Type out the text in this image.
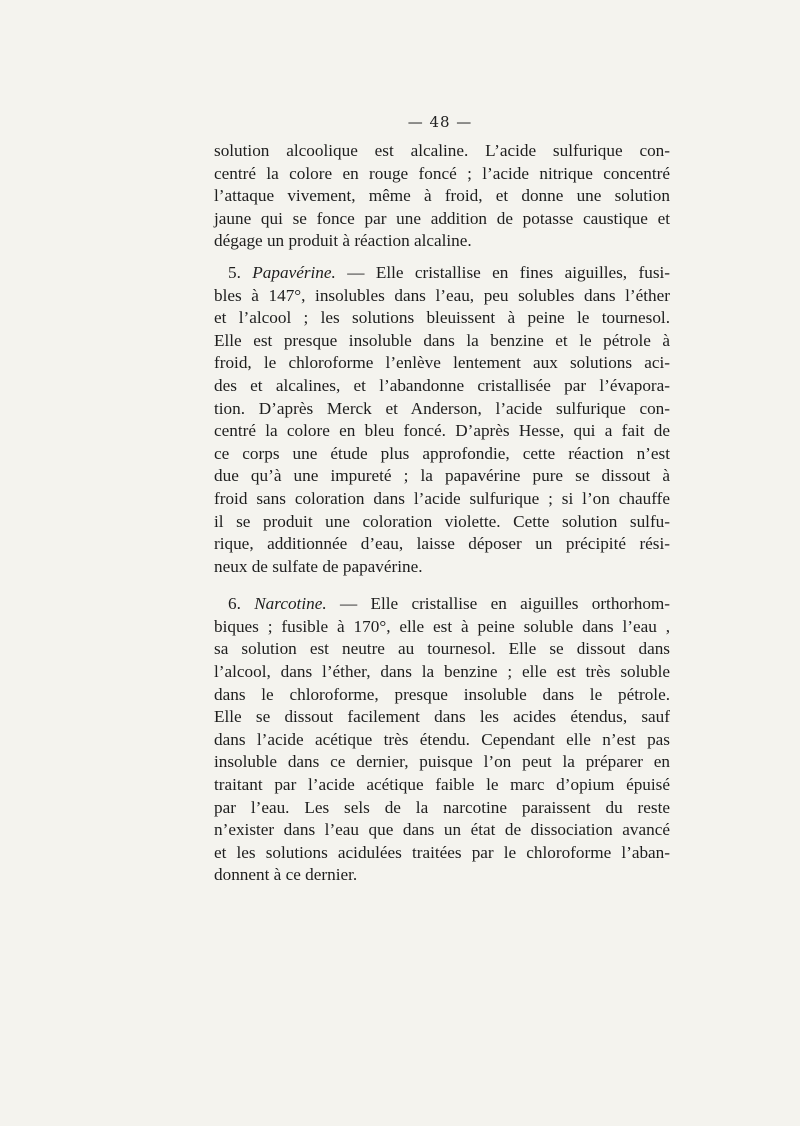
— 48 —
solution alcoolique est alcaline. L’acide sulfurique con-
centré la colore en rouge foncé ; l’acide nitrique concentré
l’attaque vivement, même à froid, et donne une solution
jaune qui se fonce par une addition de potasse caustique et
dégage un produit à réaction alcaline.
5. Papavérine. — Elle cristallise en fines aiguilles, fusi-
bles à 147°, insolubles dans l’eau, peu solubles dans l’éther
et l’alcool ; les solutions bleuissent à peine le tournesol.
Elle est presque insoluble dans la benzine et le pétrole à
froid, le chloroforme l’enlève lentement aux solutions aci-
des et alcalines, et l’abandonne cristallisée par l’évapora-
tion. D’après Merck et Anderson, l’acide sulfurique con-
centré la colore en bleu foncé. D’après Hesse, qui a fait de
ce corps une étude plus approfondie, cette réaction n’est
due qu’à une impureté ; la papavérine pure se dissout à
froid sans coloration dans l’acide sulfurique ; si l’on chauffe
il se produit une coloration violette. Cette solution sulfu-
rique, additionnée d’eau, laisse déposer un précipité rési-
neux de sulfate de papavérine.
6. Narcotine. — Elle cristallise en aiguilles orthorhom-
biques ; fusible à 170°, elle est à peine soluble dans l’eau ,
sa solution est neutre au tournesol. Elle se dissout dans
l’alcool, dans l’éther, dans la benzine ; elle est très soluble
dans le chloroforme, presque insoluble dans le pétrole.
Elle se dissout facilement dans les acides étendus, sauf
dans l’acide acétique très étendu. Cependant elle n’est pas
insoluble dans ce dernier, puisque l’on peut la préparer en
traitant par l’acide acétique faible le marc d’opium épuisé
par l’eau. Les sels de la narcotine paraissent du reste
n’exister dans l’eau que dans un état de dissociation avancé
et les solutions acidulées traitées par le chloroforme l’aban-
donnent à ce dernier.
